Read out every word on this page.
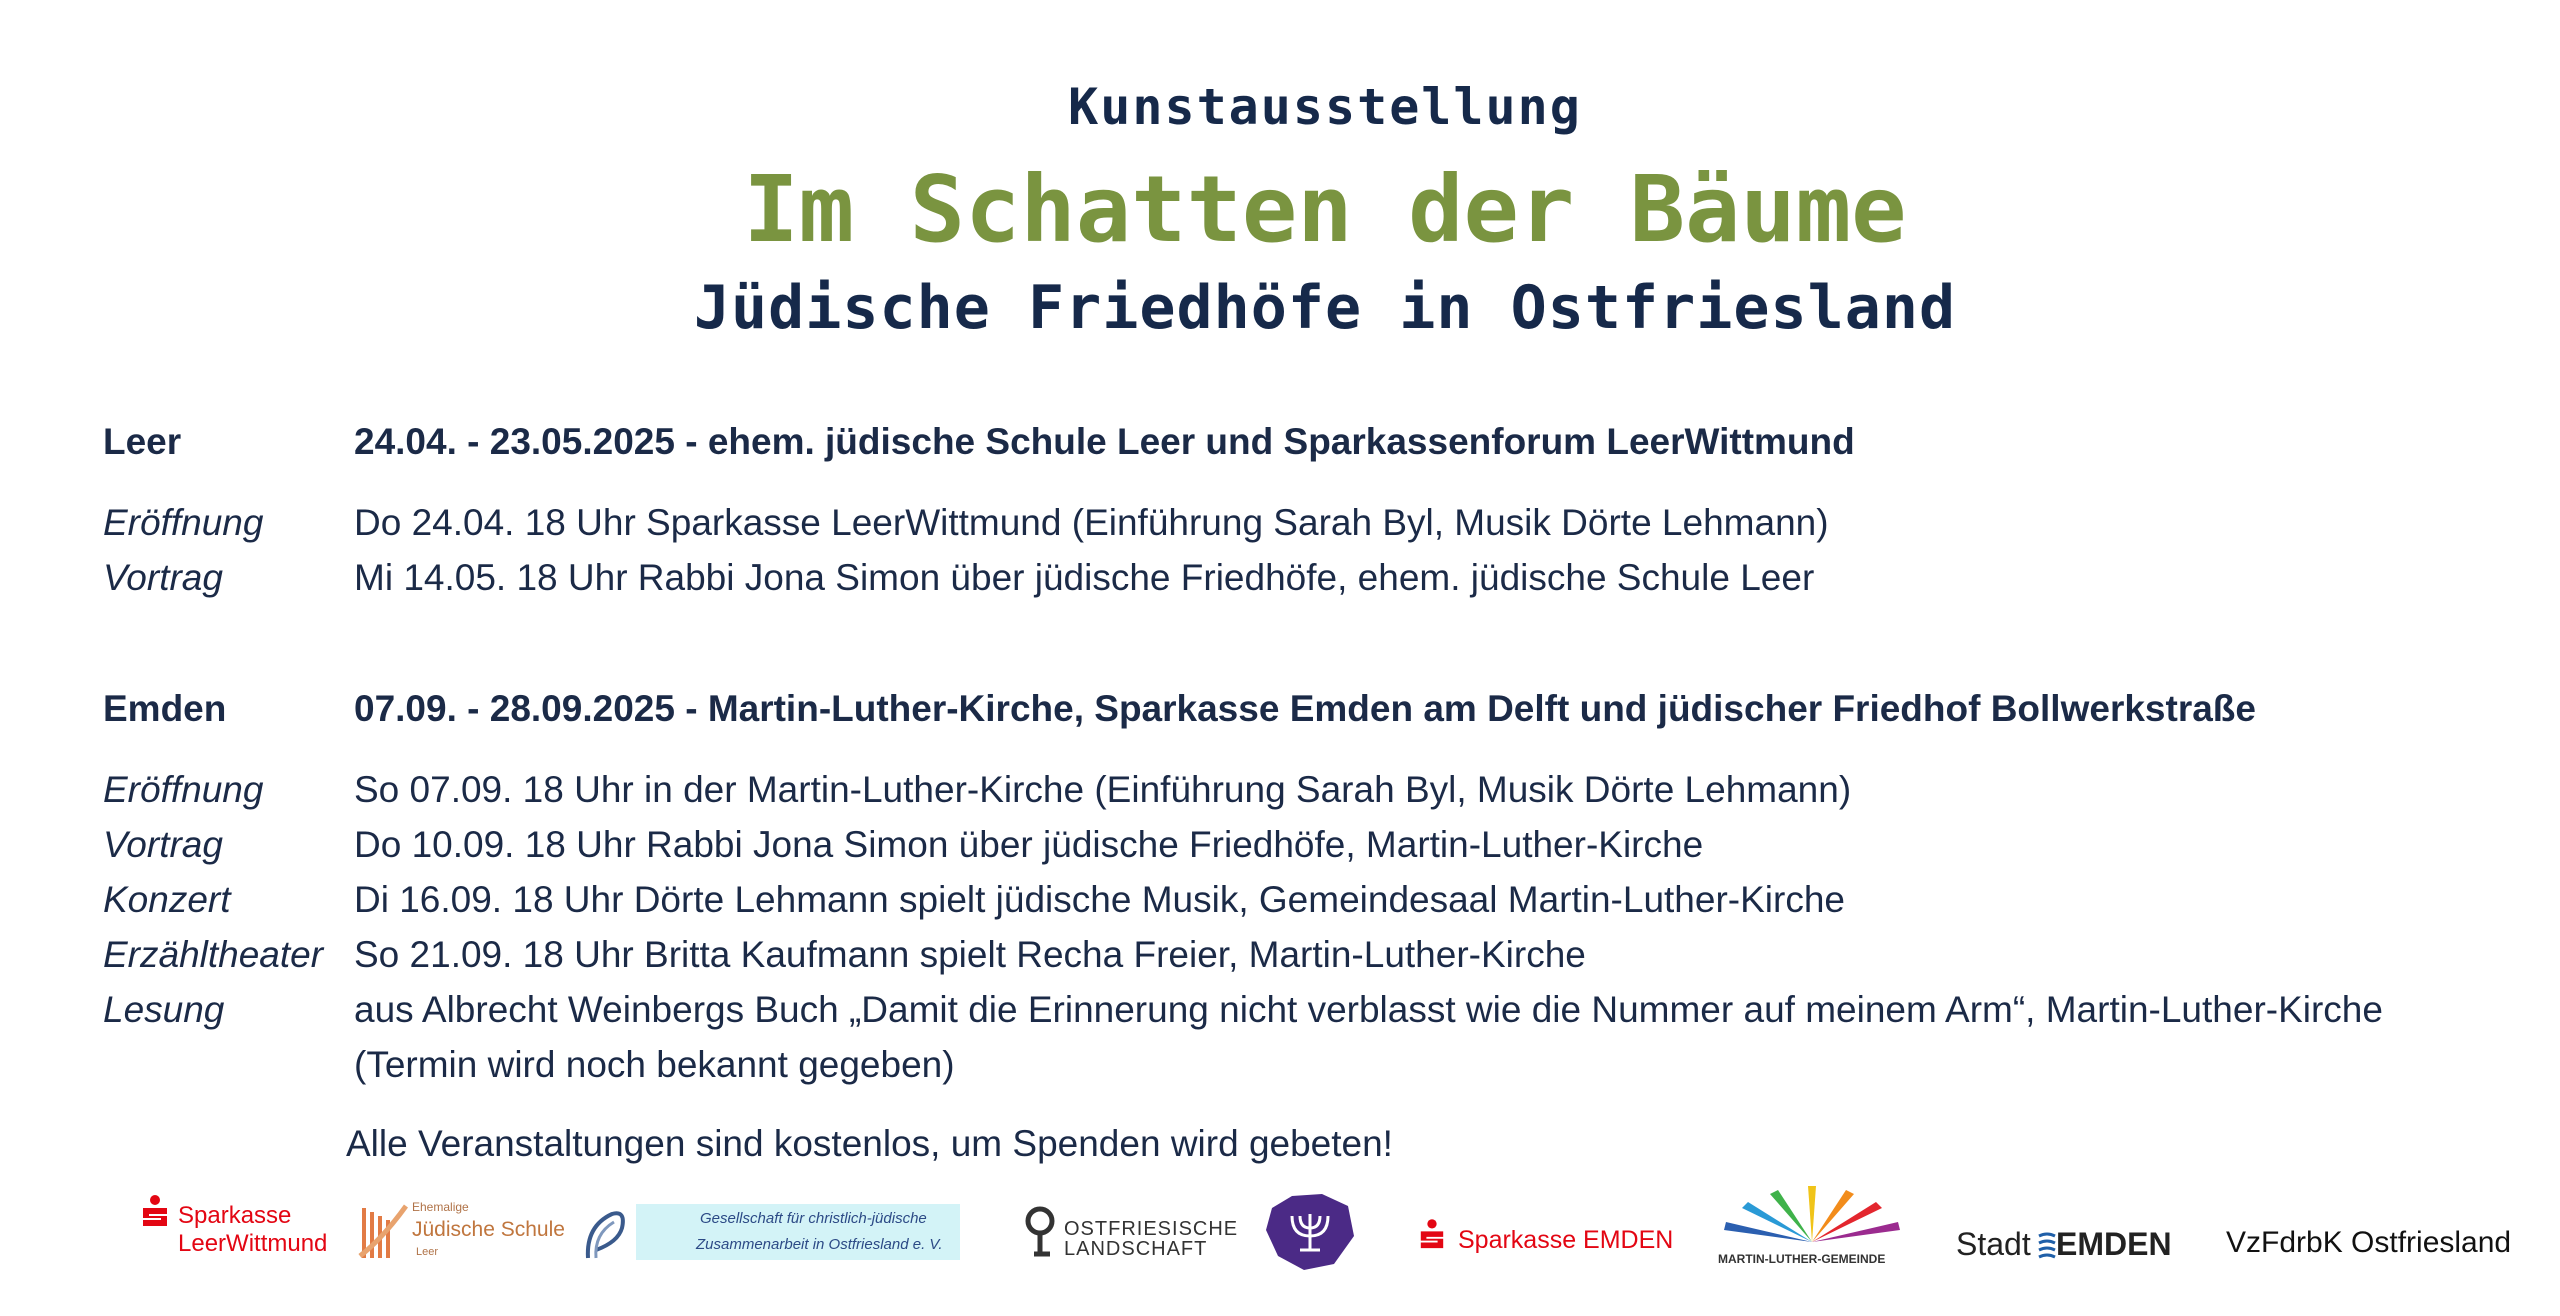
Kunstausstellung
Im Schatten der Bäume
Jüdische Friedhöfe in Ostfriesland
Leer	24.04. - 23.05.2025 - ehem. jüdische Schule Leer und Sparkassenforum LeerWittmund
Eröffnung Do 24.04. 18 Uhr Sparkasse LeerWittmund (Einführung Sarah Byl, Musik Dörte Lehmann)
Vortrag	Mi 14.05. 18 Uhr Rabbi Jona Simon über jüdische Friedhöfe, ehem. jüdische Schule Leer
Emden	07.09. - 28.09.2025 - Martin-Luther-Kirche, Sparkasse Emden am Delft und jüdischer Friedhof Bollwerkstraße
Eröffnung So 07.09. 18 Uhr in der Martin-Luther-Kirche (Einführung Sarah Byl, Musik Dörte Lehmann)
Vortrag	Do 10.09. 18 Uhr Rabbi Jona Simon über jüdische Friedhöfe, Martin-Luther-Kirche
Konzert	Di 16.09. 18 Uhr Dörte Lehmann spielt jüdische Musik, Gemeindesaal Martin-Luther-Kirche
Erzähltheater So 21.09. 18 Uhr Britta Kaufmann spielt Recha Freier, Martin-Luther-Kirche
Lesung	aus Albrecht Weinbergs Buch „Damit die Erinnerung nicht verblasst wie die Nummer auf meinem Arm“, Martin-Luther-Kirche
(Termin wird noch bekannt gegeben)
Alle Veranstaltungen sind kostenlos, um Spenden wird gebeten!
Sparkasse
LeerWittmund
Ehemalige
Jüdische Schule
Leer
Gesellschaft für christlich-jüdische
Zusammenarbeit in Ostfriesland e. V.
OSTFRIESISCHE
LANDSCHAFT	Sparkasse EMDEN
MARTIN-LUTHER-GEMEINDE Stadt EMDEN VzFdrbK Ostfriesland
